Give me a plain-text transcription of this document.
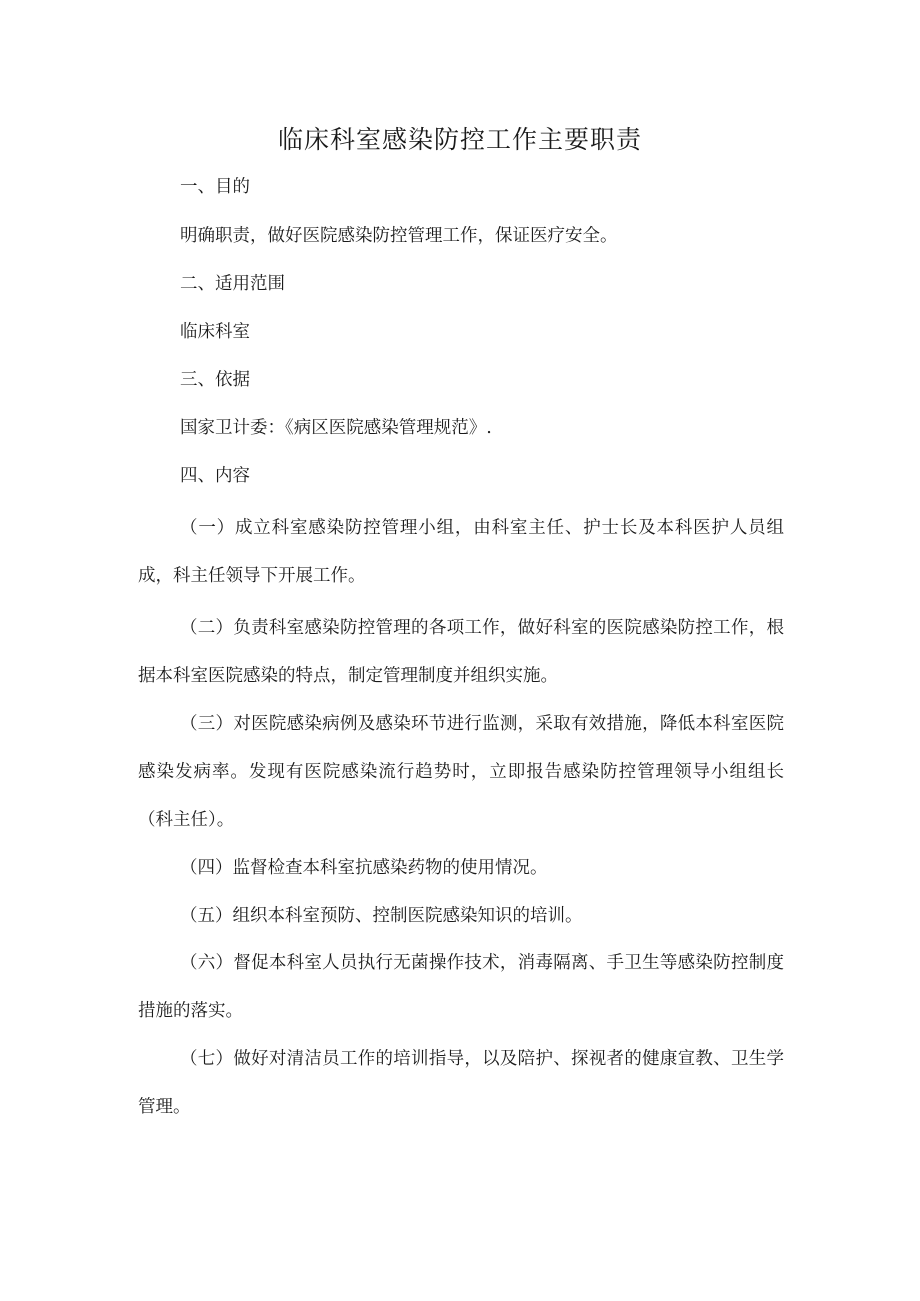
临床科室感染防控工作主要职责
一、目的
明确职责，做好医院感染防控管理工作，保证医疗安全。
二、适用范围
临床科室
三、依据
国家卫计委：《病区医院感染管理规范》.
四、内容
（一）成立科室感染防控管理小组，由科室主任、护士长及本科医护人员组成，科主任领导下开展工作。
（二）负责科室感染防控管理的各项工作，做好科室的医院感染防控工作，根据本科室医院感染的特点，制定管理制度并组织实施。
（三）对医院感染病例及感染环节进行监测，采取有效措施，降低本科室医院感染发病率。发现有医院感染流行趋势时，立即报告感染防控管理领导小组组长（科主任）。
（四）监督检查本科室抗感染药物的使用情况。
（五）组织本科室预防、控制医院感染知识的培训。
（六）督促本科室人员执行无菌操作技术，消毒隔离、手卫生等感染防控制度措施的落实。
（七）做好对清洁员工作的培训指导，以及陪护、探视者的健康宣教、卫生学管理。
